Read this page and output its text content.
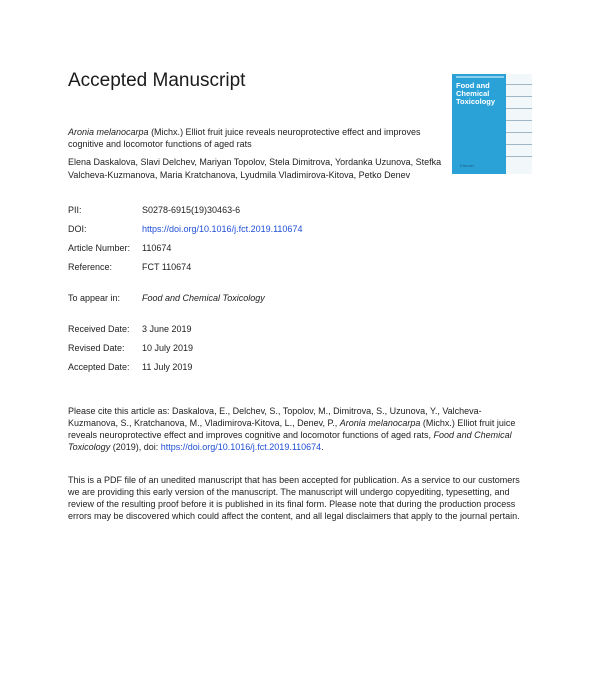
Accepted Manuscript	Food and
Chemical
Toxicology
Elsevier

Aronia melanocarpa (Michx.) Elliot fruit juice reveals neuroprotective effect and improves cognitive and locomotor functions of aged rats

Elena Daskalova, Slavi Delchev, Mariyan Topolov, Stela Dimitrova, Yordanka Uzunova, Stefka Valcheva-Kuzmanova, Maria Kratchanova, Lyudmila Vladimirova-Kitova, Petko Denev

PII:	S0278-6915(19)30463-6
DOI:	https://doi.org/10.1016/j.fct.2019.110674
Article Number: 110674
Reference:	FCT 110674
To appear in: Food and Chemical Toxicology
Received Date: 3 June 2019
Revised Date: 10 July 2019
Accepted Date: 11 July 2019

Please cite this article as: Daskalova, E., Delchev, S., Topolov, M., Dimitrova, S., Uzunova, Y., Valcheva-Kuzmanova, S., Kratchanova, M., Vladimirova-Kitova, L., Denev, P., Aronia melanocarpa (Michx.) Elliot fruit juice reveals neuroprotective effect and improves cognitive and locomotor functions of aged rats, Food and Chemical Toxicology (2019), doi: https://doi.org/10.1016/j.fct.2019.110674.

This is a PDF file of an unedited manuscript that has been accepted for publication. As a service to our customers we are providing this early version of the manuscript. The manuscript will undergo copyediting, typesetting, and review of the resulting proof before it is published in its final form. Please note that during the production process errors may be discovered which could affect the content, and all legal disclaimers that apply to the journal pertain.
